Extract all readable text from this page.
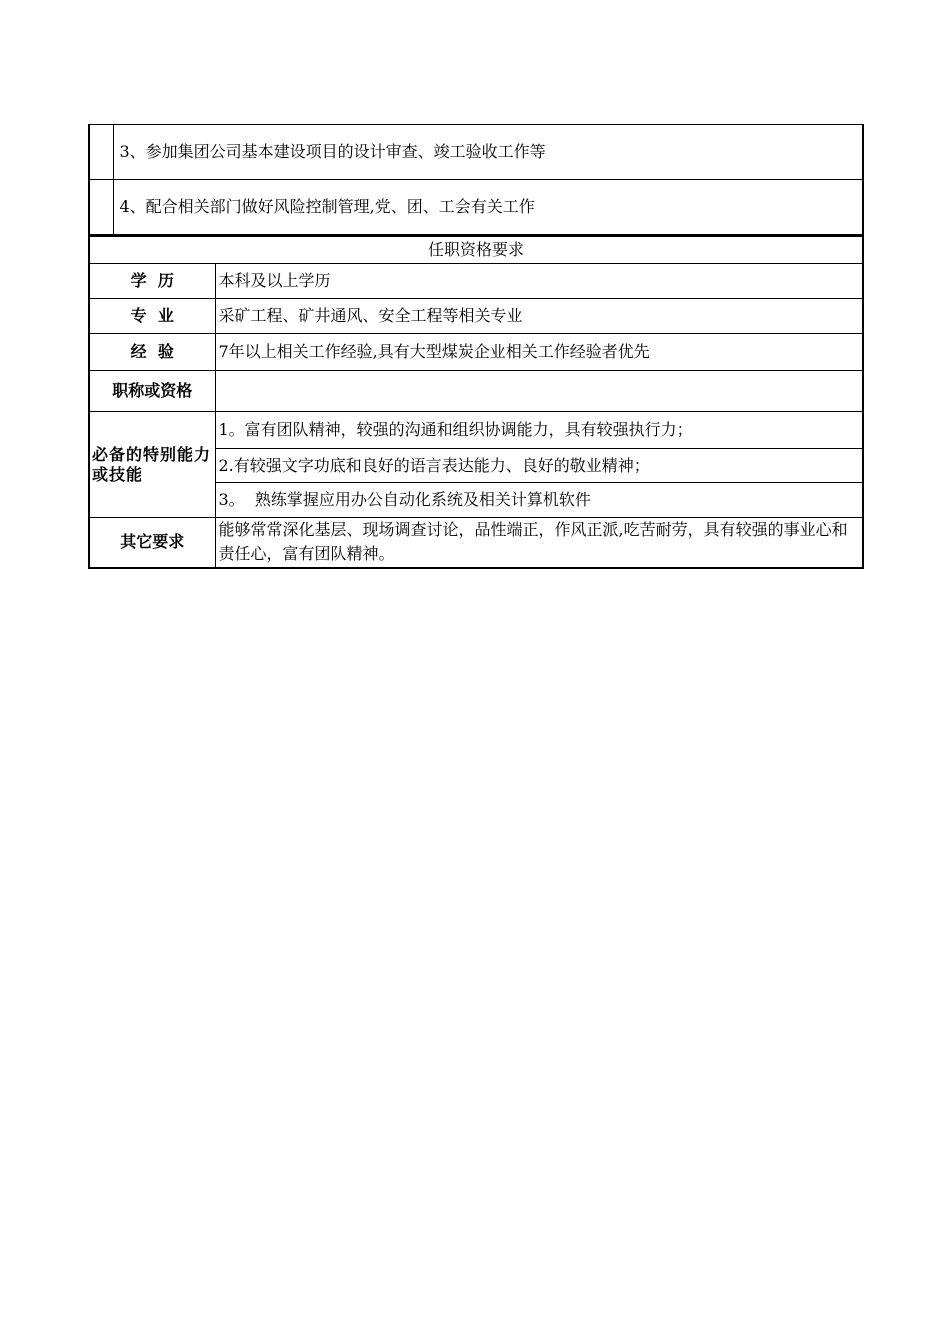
	3、参加集团公司基本建设项目的设计审查、竣工验收工作等
	4、配合相关部门做好风险控制管理,党、团、工会有关工作
任职资格要求	
学  历	本科及以上学历
专  业	采矿工程、矿井通风、安全工程等相关专业
经  验	7年以上相关工作经验,具有大型煤炭企业相关工作经验者优先
职称或资格	
必备的特别能力或技能	1。富有团队精神，较强的沟通和组织协调能力，具有较强执行力；
	2.有较强文字功底和良好的语言表达能力、良好的敬业精神；
	3。  熟练掌握应用办公自动化系统及相关计算机软件
其它要求	能够常常深化基层、现场调查讨论，品性端正，作风正派,吃苦耐劳，具有较强的事业心和责任心，富有团队精神。
